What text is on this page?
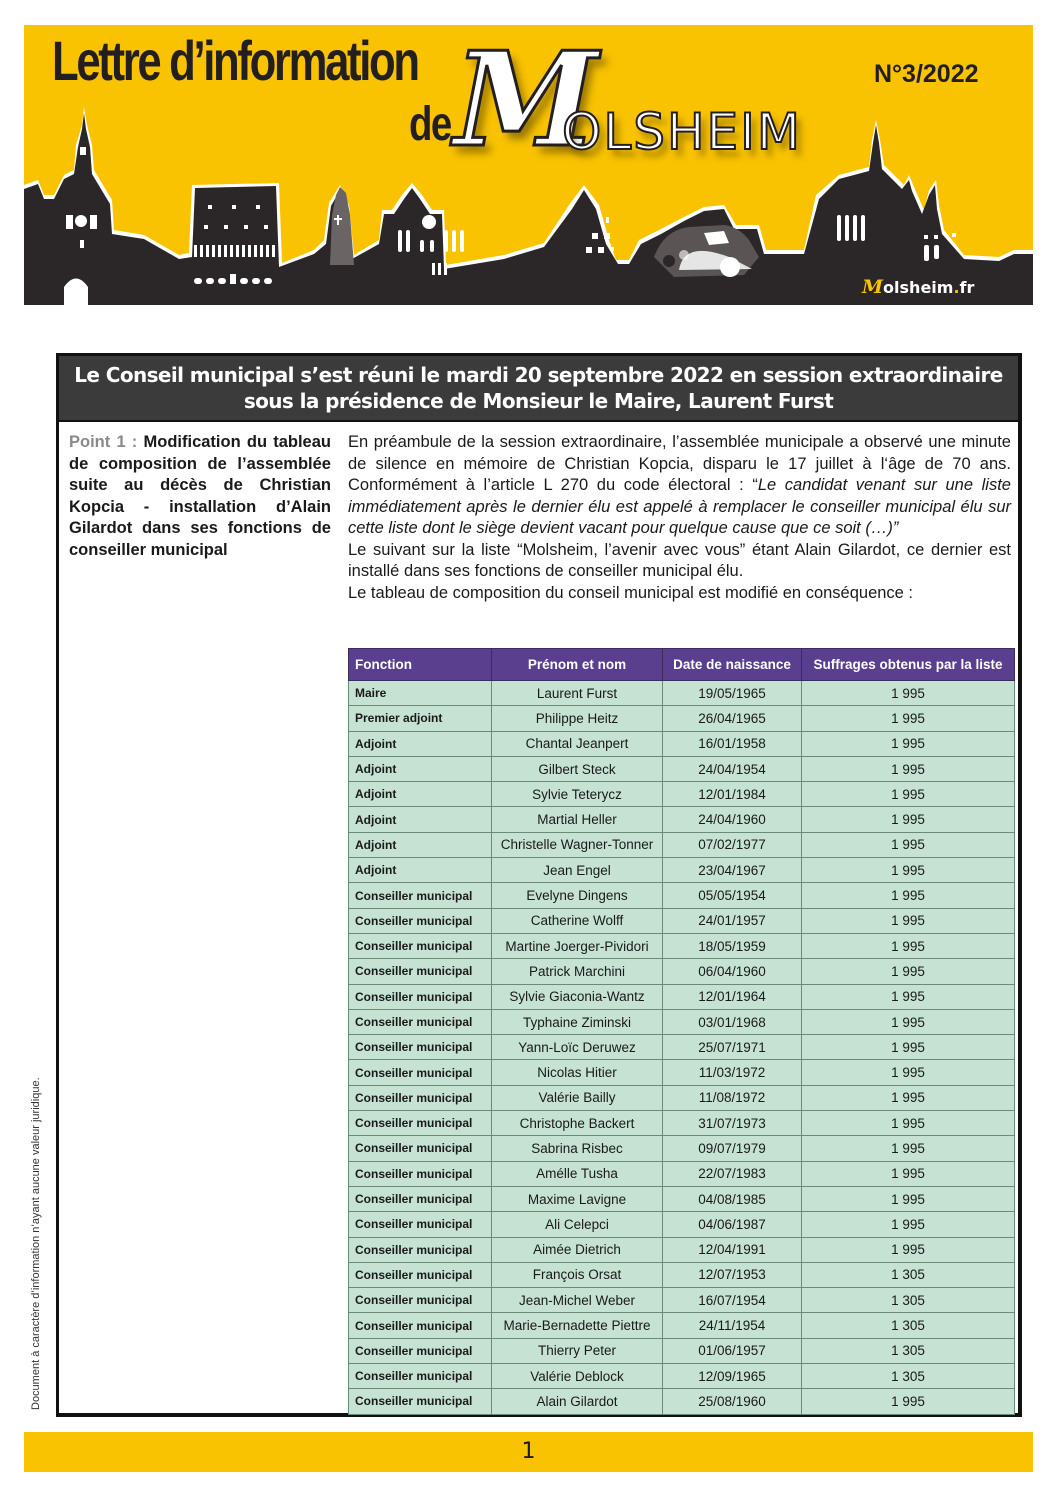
Lettre d’information
de M
OLSHEIM
N°3/2022
Molsheim.fr
Le Conseil municipal s’est réuni le mardi 20 septembre 2022 en session extraordinaire
sous la présidence de Monsieur le Maire, Laurent Furst
Point 1 : Modification du tableau de composition de l’assemblée suite au décès de Christian Kopcia - installation d’Alain Gilardot dans ses fonctions de conseiller municipal

En préambule de la session extraordinaire, l’assemblée municipale a observé une minute de silence en mémoire de Christian Kopcia, disparu le 17 juillet à l‘âge de 70 ans. Conformément à l’article L 270 du code électoral : “Le candidat venant sur une liste immédiatement après le dernier élu est appelé à remplacer le conseiller municipal élu sur cette liste dont le siège devient vacant pour quelque cause que ce soit (…)”

Le suivant sur la liste “Molsheim, l’avenir avec vous” étant Alain Gilardot, ce dernier est installé dans ses fonctions de conseiller municipal élu.

Le tableau de composition du conseil municipal est modifié en conséquence :

Fonction	Prénom et nom	Date de naissance	Suffrages obtenus par la liste
Maire	Laurent Furst	19/05/1965	1 995
Premier adjoint	Philippe Heitz	26/04/1965	1 995
Adjoint	Chantal Jeanpert	16/01/1958	1 995
Adjoint	Gilbert Steck	24/04/1954	1 995
Adjoint	Sylvie Teterycz	12/01/1984	1 995
Adjoint	Martial Heller	24/04/1960	1 995
Adjoint	Christelle Wagner-Tonner	07/02/1977	1 995
Adjoint	Jean Engel	23/04/1967	1 995
Conseiller municipal	Evelyne Dingens	05/05/1954	1 995
Conseiller municipal	Catherine Wolff	24/01/1957	1 995
Conseiller municipal	Martine Joerger-Pividori	18/05/1959	1 995
Conseiller municipal	Patrick Marchini	06/04/1960	1 995
Conseiller municipal	Sylvie Giaconia-Wantz	12/01/1964	1 995
Conseiller municipal	Typhaine Ziminski	03/01/1968	1 995
Conseiller municipal	Yann-Loïc Deruwez	25/07/1971	1 995
Conseiller municipal	Nicolas Hitier	11/03/1972	1 995
Conseiller municipal	Valérie Bailly	11/08/1972	1 995
Conseiller municipal	Christophe Backert	31/07/1973	1 995
Conseiller municipal	Sabrina Risbec	09/07/1979	1 995
Conseiller municipal	Amélle Tusha	22/07/1983	1 995
Conseiller municipal	Maxime Lavigne	04/08/1985	1 995
Conseiller municipal	Ali Celepci	04/06/1987	1 995
Conseiller municipal	Aimée Dietrich	12/04/1991	1 995
Conseiller municipal	François Orsat	12/07/1953	1 305
Conseiller municipal	Jean-Michel Weber	16/07/1954	1 305
Conseiller municipal	Marie-Bernadette Piettre	24/11/1954	1 305
Conseiller municipal	Thierry Peter	01/06/1957	1 305
Conseiller municipal	Valérie Deblock	12/09/1965	1 305
Conseiller municipal	Alain Gilardot	25/08/1960	1 995
Document à caractère d’information n’ayant aucune valeur juridique.
1
